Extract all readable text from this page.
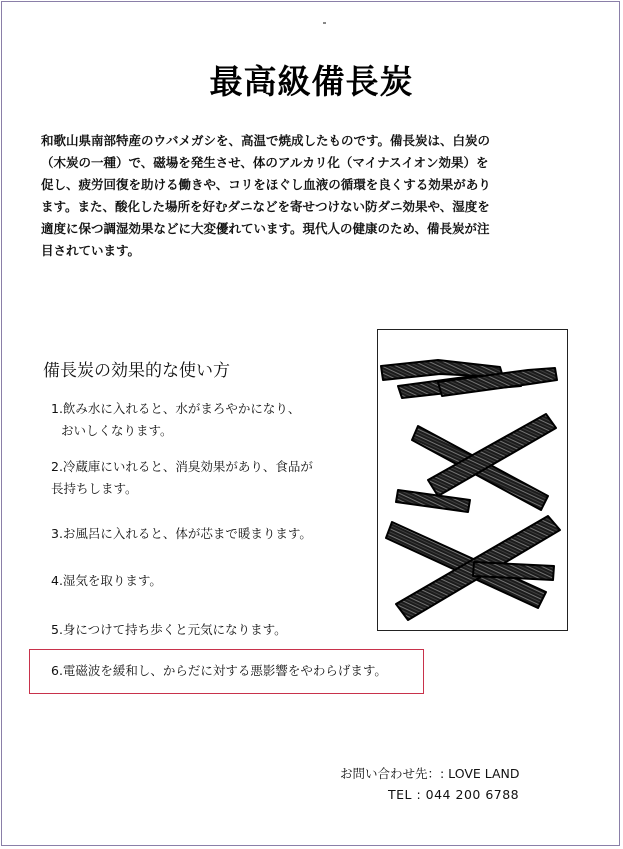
最高級備長炭
和歌山県南部特産のウバメガシを、高温で焼成したものです。備長炭は、白炭の
（木炭の一種）で、磁場を発生させ、体のアルカリ化（マイナスイオン効果）を
促し、疲労回復を助ける働きや、コリをほぐし血液の循環を良くする効果があり
ます。また、酸化した場所を好むダニなどを寄せつけない防ダニ効果や、湿度を
適度に保つ調湿効果などに大変優れています。現代人の健康のため、備長炭が注
目されています。
備長炭の効果的な使い方
1.飲み水に入れると、水がまろやかになり、
おいしくなります。
2.冷蔵庫にいれると、消臭効果があり、食品が
長持ちします。
3.お風呂に入れると、体が芯まで暖まります。
4.湿気を取ります。
5.身につけて持ち歩くと元気になります。
6.電磁波を緩和し、からだに対する悪影響をやわらげます。
お問い合わせ先：: LOVE LAND
TEL : 044 200 6788
